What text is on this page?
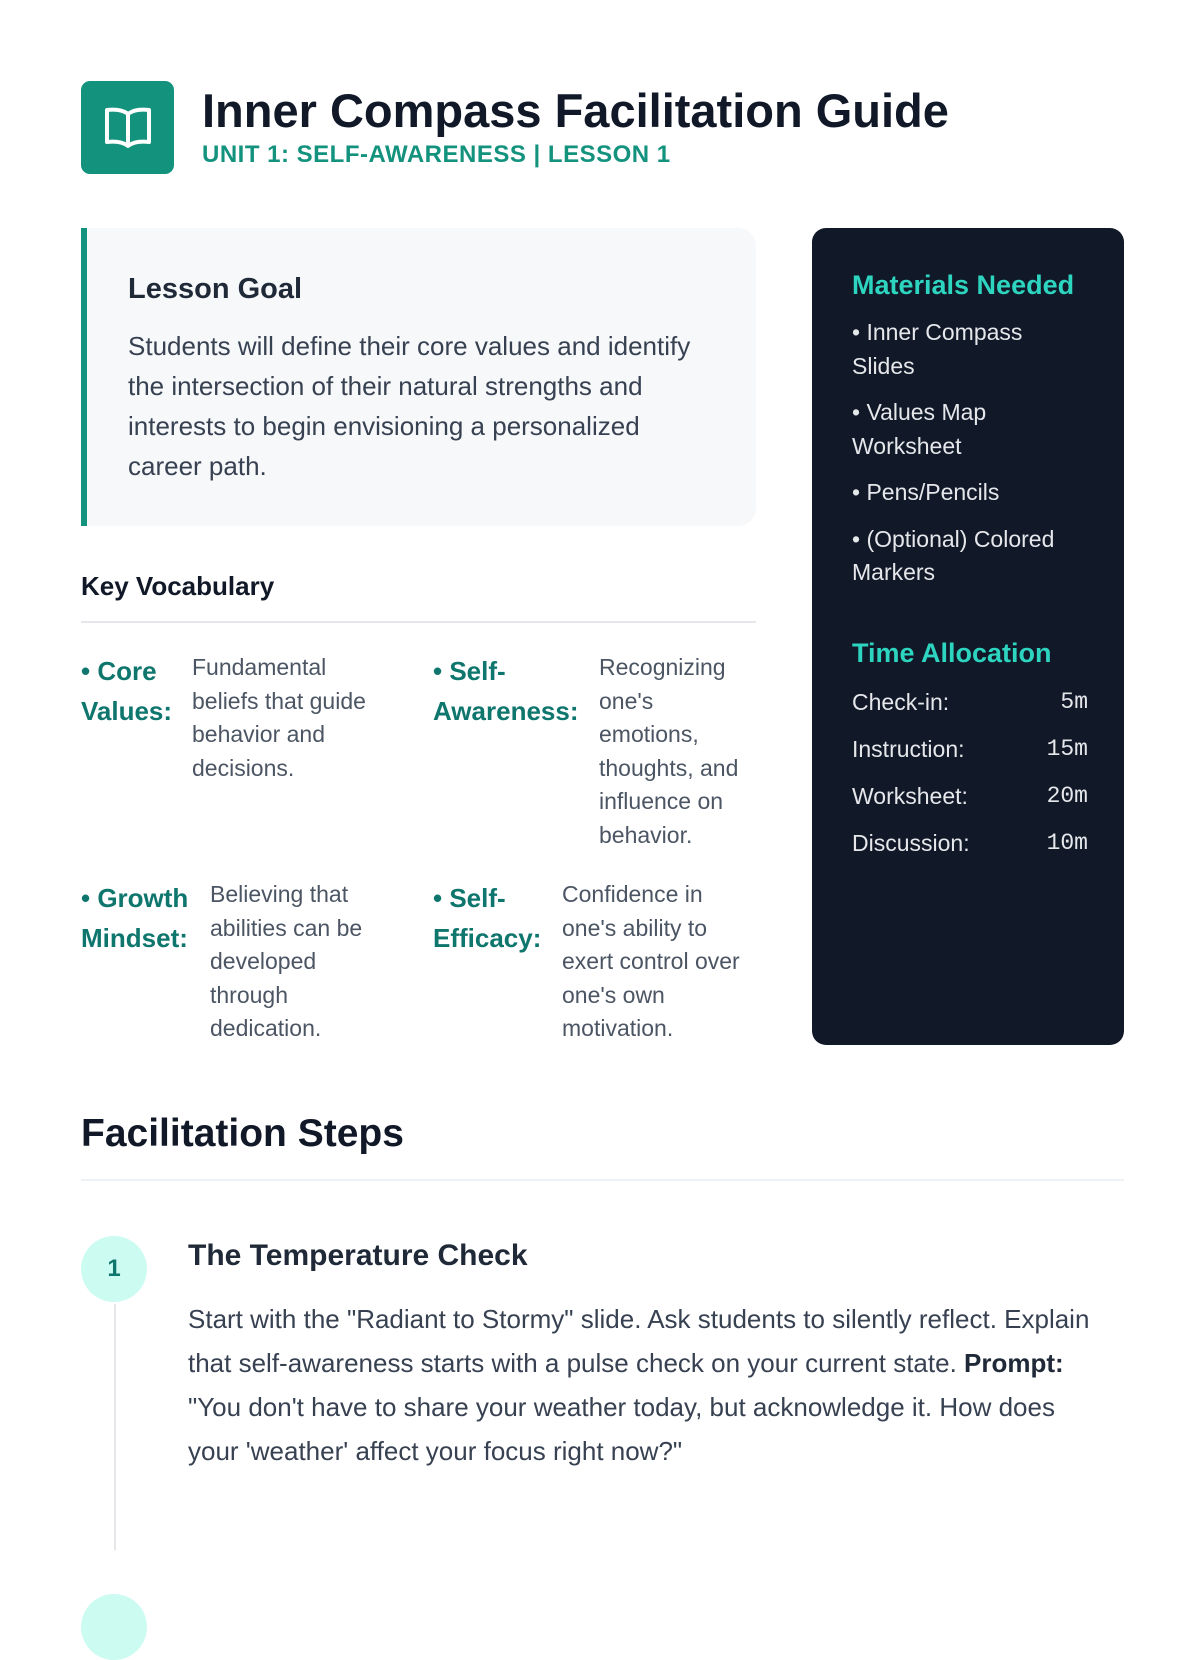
Inner Compass Facilitation Guide
UNIT 1: SELF-AWARENESS | LESSON 1
Lesson Goal
Students will define their core values and identify the intersection of their natural strengths and interests to begin envisioning a personalized career path.
Key Vocabulary
• Core Values:
Fundamental beliefs that guide behavior and decisions.
• Self-Awareness:
Recognizing one's emotions, thoughts, and influence on behavior.
• Growth Mindset:
Believing that abilities can be developed through dedication.
• Self-Efficacy:
Confidence in one's ability to exert control over one's own motivation.
Materials Needed
• Inner Compass Slides
• Values Map Worksheet
• Pens/Pencils
• (Optional) Colored Markers
Time Allocation
Check-in:	5m
Instruction:	15m
Worksheet:	20m
Discussion:	10m
Facilitation Steps
1	The Temperature Check
Start with the "Radiant to Stormy" slide. Ask students to silently reflect. Explain that self-awareness starts with a pulse check on your current state. Prompt: "You don't have to share your weather today, but acknowledge it. How does your 'weather' affect your focus right now?"
